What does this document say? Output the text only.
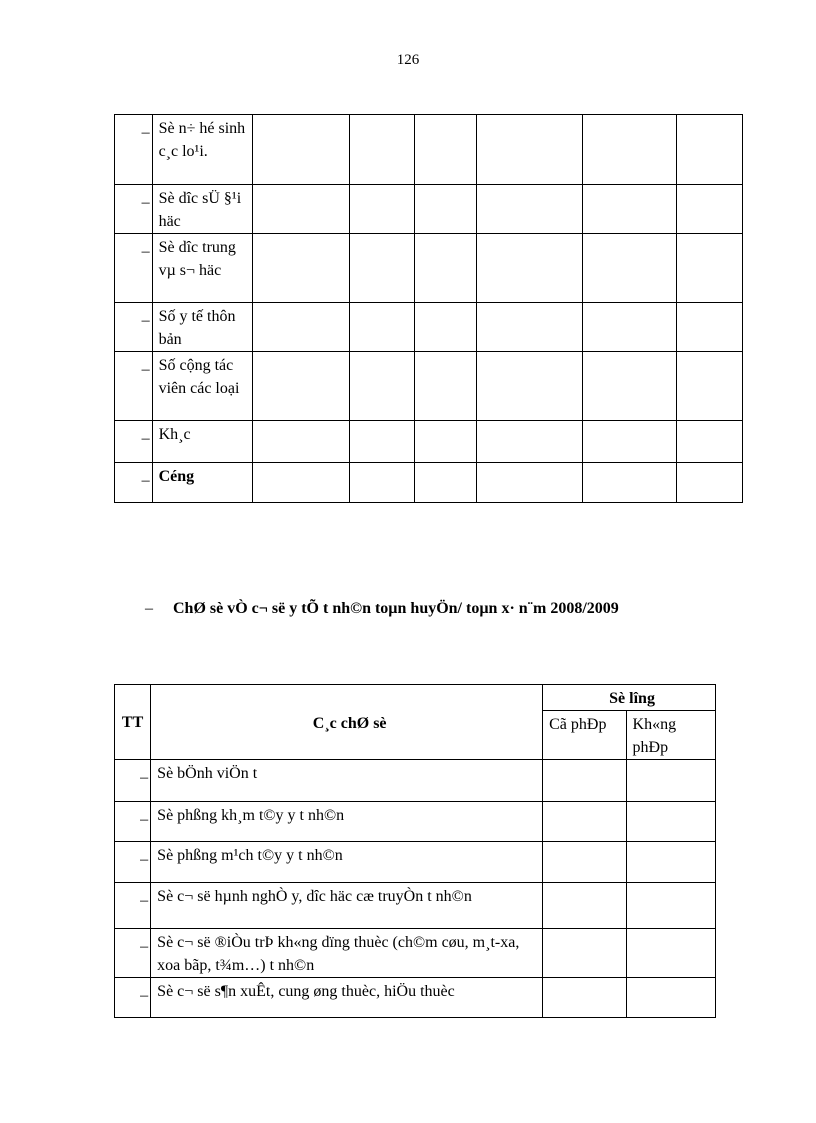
126
–	Sè n÷ hé sinh c¸c lo¹i.						

–	Sè dîc sÜ §¹i häc						

–	Sè dîc trung vµ s¬ häc						

–	Số y tế thôn bản						

–	Số cộng tác viên các loại						

–	Kh¸c						

–	Céng						
– ChØ sè vÒ c¬ së y tÕ t nh©n toµn huyÖn/ toµn x· n¨m 2008/2009
TT	C¸c chØ sè	Sè lîng	
		Cã phÐp	Kh«ng phÐp

–	Sè bÖnh viÖn t		

–	Sè phßng kh¸m t©y y t nh©n		

–	Sè phßng m¹ch t©y y t nh©n		

–	Sè c¬ së hµnh nghÒ y, dîc häc cæ truyÒn t nh©n		

–	Sè c¬ së ®iÒu trÞ kh«ng dïng thuèc (ch©m cøu, m¸t-xa, xoa bãp, t¾m…) t nh©n		

–	Sè c¬ së s¶n xuÊt, cung øng thuèc, hiÖu thuèc		
